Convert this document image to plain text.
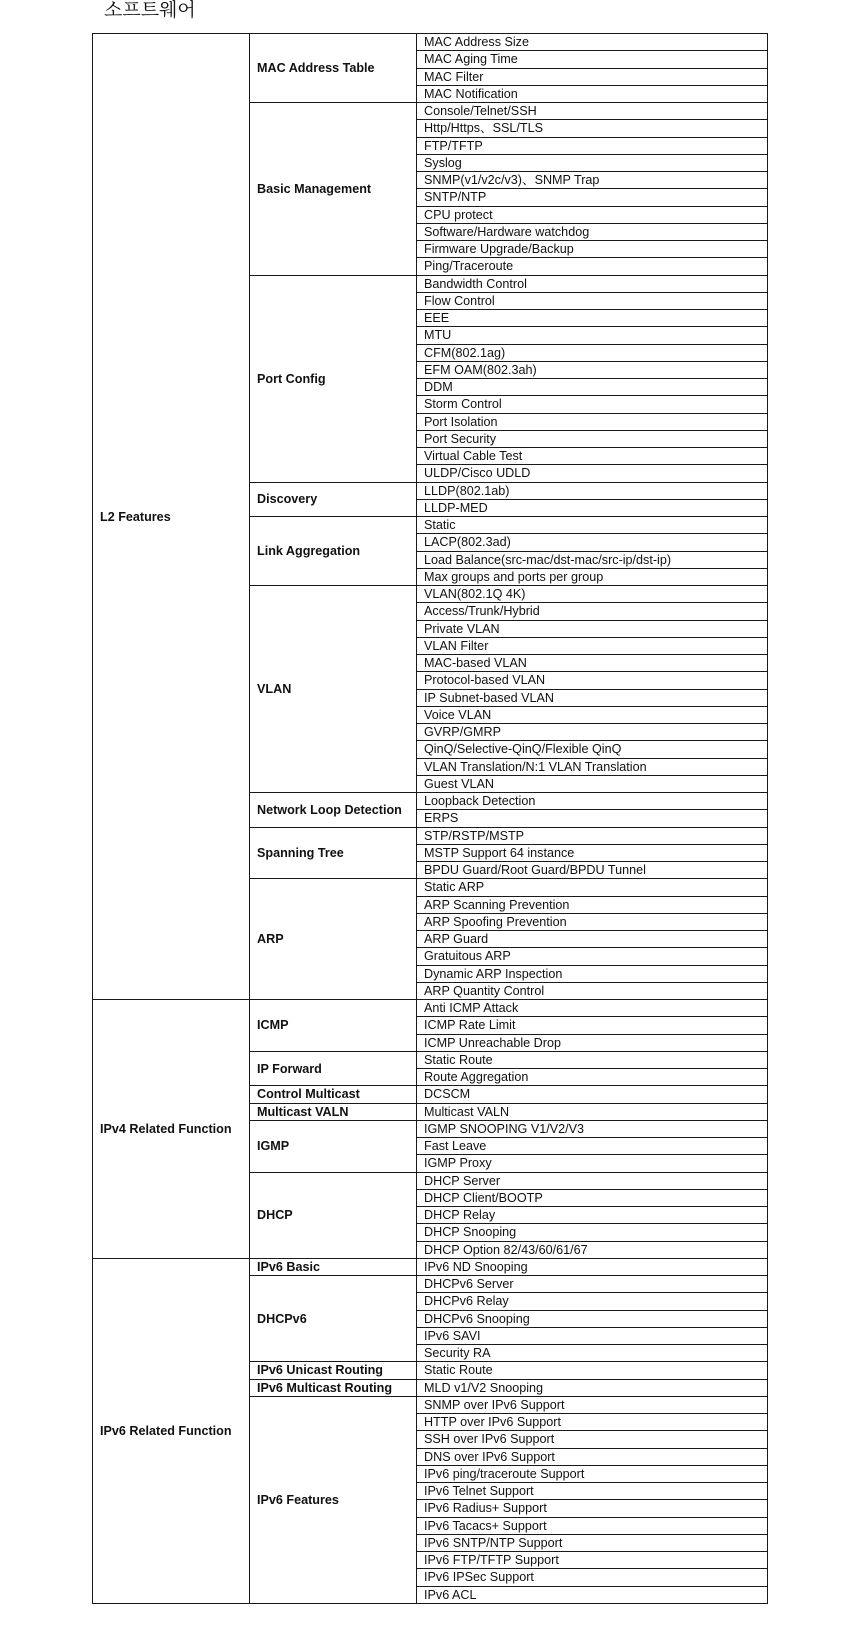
소프트웨어
L2 Features	MAC Address Table	MAC Address Size
		MAC Aging Time
		MAC Filter
		MAC Notification
	Basic Management	Console/Telnet/SSH
		Http/Https、SSL/TLS
		FTP/TFTP
		Syslog
		SNMP(v1/v2c/v3)、SNMP Trap
		SNTP/NTP
		CPU protect
		Software/Hardware watchdog
		Firmware Upgrade/Backup
		Ping/Traceroute
	Port Config	Bandwidth Control
		Flow Control
		EEE
		MTU
		CFM(802.1ag)
		EFM OAM(802.3ah)
		DDM
		Storm Control
		Port Isolation
		Port Security
		Virtual Cable Test
		ULDP/Cisco UDLD
	Discovery	LLDP(802.1ab)
		LLDP-MED
	Link Aggregation	Static
		LACP(802.3ad)
		Load Balance(src-mac/dst-mac/src-ip/dst-ip)
		Max groups and ports per group
	VLAN	VLAN(802.1Q 4K)
		Access/Trunk/Hybrid
		Private VLAN
		VLAN Filter
		MAC-based VLAN
		Protocol-based VLAN
		IP Subnet-based VLAN
		Voice VLAN
		GVRP/GMRP
		QinQ/Selective-QinQ/Flexible QinQ
		VLAN Translation/N:1 VLAN Translation
		Guest VLAN
	Network Loop Detection	Loopback Detection
		ERPS
	Spanning Tree	STP/RSTP/MSTP
		MSTP Support 64 instance
		BPDU Guard/Root Guard/BPDU Tunnel
	ARP	Static ARP
		ARP Scanning Prevention
		ARP Spoofing Prevention
		ARP Guard
		Gratuitous ARP
		Dynamic ARP Inspection
		ARP Quantity Control
IPv4 Related Function	ICMP	Anti ICMP Attack
		ICMP Rate Limit
		ICMP Unreachable Drop
	IP Forward	Static Route
		Route Aggregation
	Control Multicast	DCSCM
	Multicast VALN	Multicast VALN
	IGMP	IGMP SNOOPING V1/V2/V3
		Fast Leave
		IGMP Proxy
	DHCP	DHCP Server
		DHCP Client/BOOTP
		DHCP Relay
		DHCP Snooping
		DHCP Option 82/43/60/61/67
IPv6 Related Function	IPv6 Basic	IPv6 ND Snooping
	DHCPv6	DHCPv6 Server
		DHCPv6 Relay
		DHCPv6 Snooping
		IPv6 SAVI
		Security RA
	IPv6 Unicast Routing	Static Route
	IPv6 Multicast Routing	MLD v1/V2 Snooping
	IPv6 Features	SNMP over IPv6 Support
		HTTP over IPv6 Support
		SSH over IPv6 Support
		DNS over IPv6 Support
		IPv6 ping/traceroute Support
		IPv6 Telnet Support
		IPv6 Radius+ Support
		IPv6 Tacacs+ Support
		IPv6 SNTP/NTP Support
		IPv6 FTP/TFTP Support
		IPv6 IPSec Support
		IPv6 ACL
